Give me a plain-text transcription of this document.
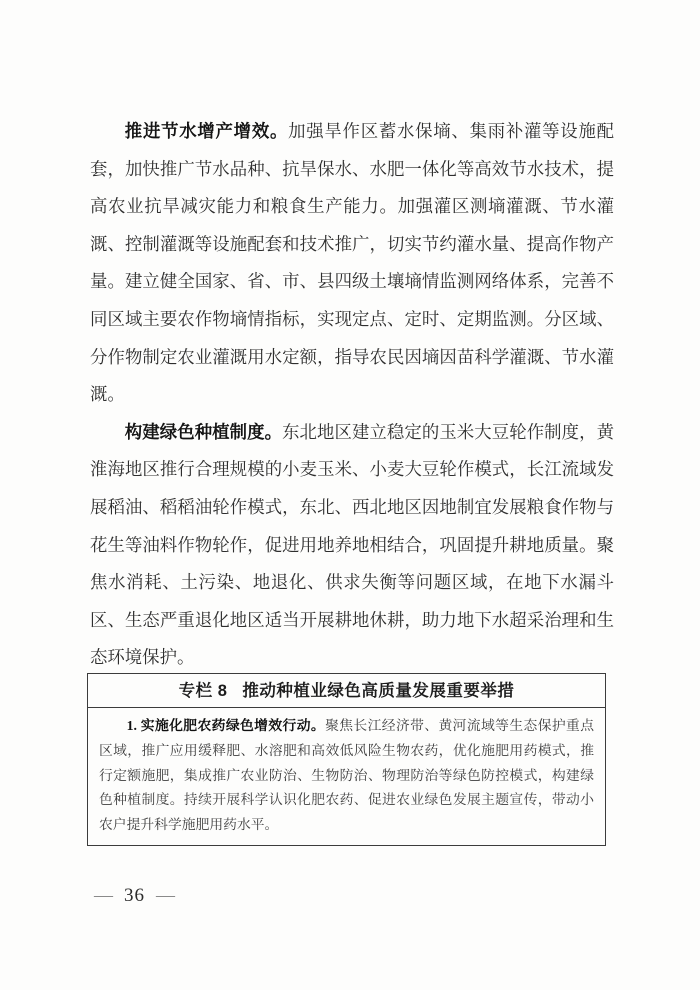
推进节水增产增效。加强旱作区蓄水保墒、集雨补灌等设施配套，加快推广节水品种、抗旱保水、水肥一体化等高效节水技术，提高农业抗旱减灾能力和粮食生产能力。加强灌区测墒灌溉、节水灌溉、控制灌溉等设施配套和技术推广，切实节约灌水量、提高作物产量。建立健全国家、省、市、县四级土壤墒情监测网络体系，完善不同区域主要农作物墒情指标，实现定点、定时、定期监测。分区域、分作物制定农业灌溉用水定额，指导农民因墒因苗科学灌溉、节水灌溉。

构建绿色种植制度。东北地区建立稳定的玉米大豆轮作制度，黄淮海地区推行合理规模的小麦玉米、小麦大豆轮作模式，长江流域发展稻油、稻稻油轮作模式，东北、西北地区因地制宜发展粮食作物与花生等油料作物轮作，促进用地养地相结合，巩固提升耕地质量。聚焦水消耗、土污染、地退化、供求失衡等问题区域，在地下水漏斗区、生态严重退化地区适当开展耕地休耕，助力地下水超采治理和生态环境保护。

专栏 8 推动种植业绿色高质量发展重要举措

1. 实施化肥农药绿色增效行动。聚焦长江经济带、黄河流域等生态保护重点区域，推广应用缓释肥、水溶肥和高效低风险生物农药，优化施肥用药模式，推行定额施肥，集成推广农业防治、生物防治、物理防治等绿色防控模式，构建绿色种植制度。持续开展科学认识化肥农药、促进农业绿色发展主题宣传，带动小农户提升科学施肥用药水平。

— 36 —
